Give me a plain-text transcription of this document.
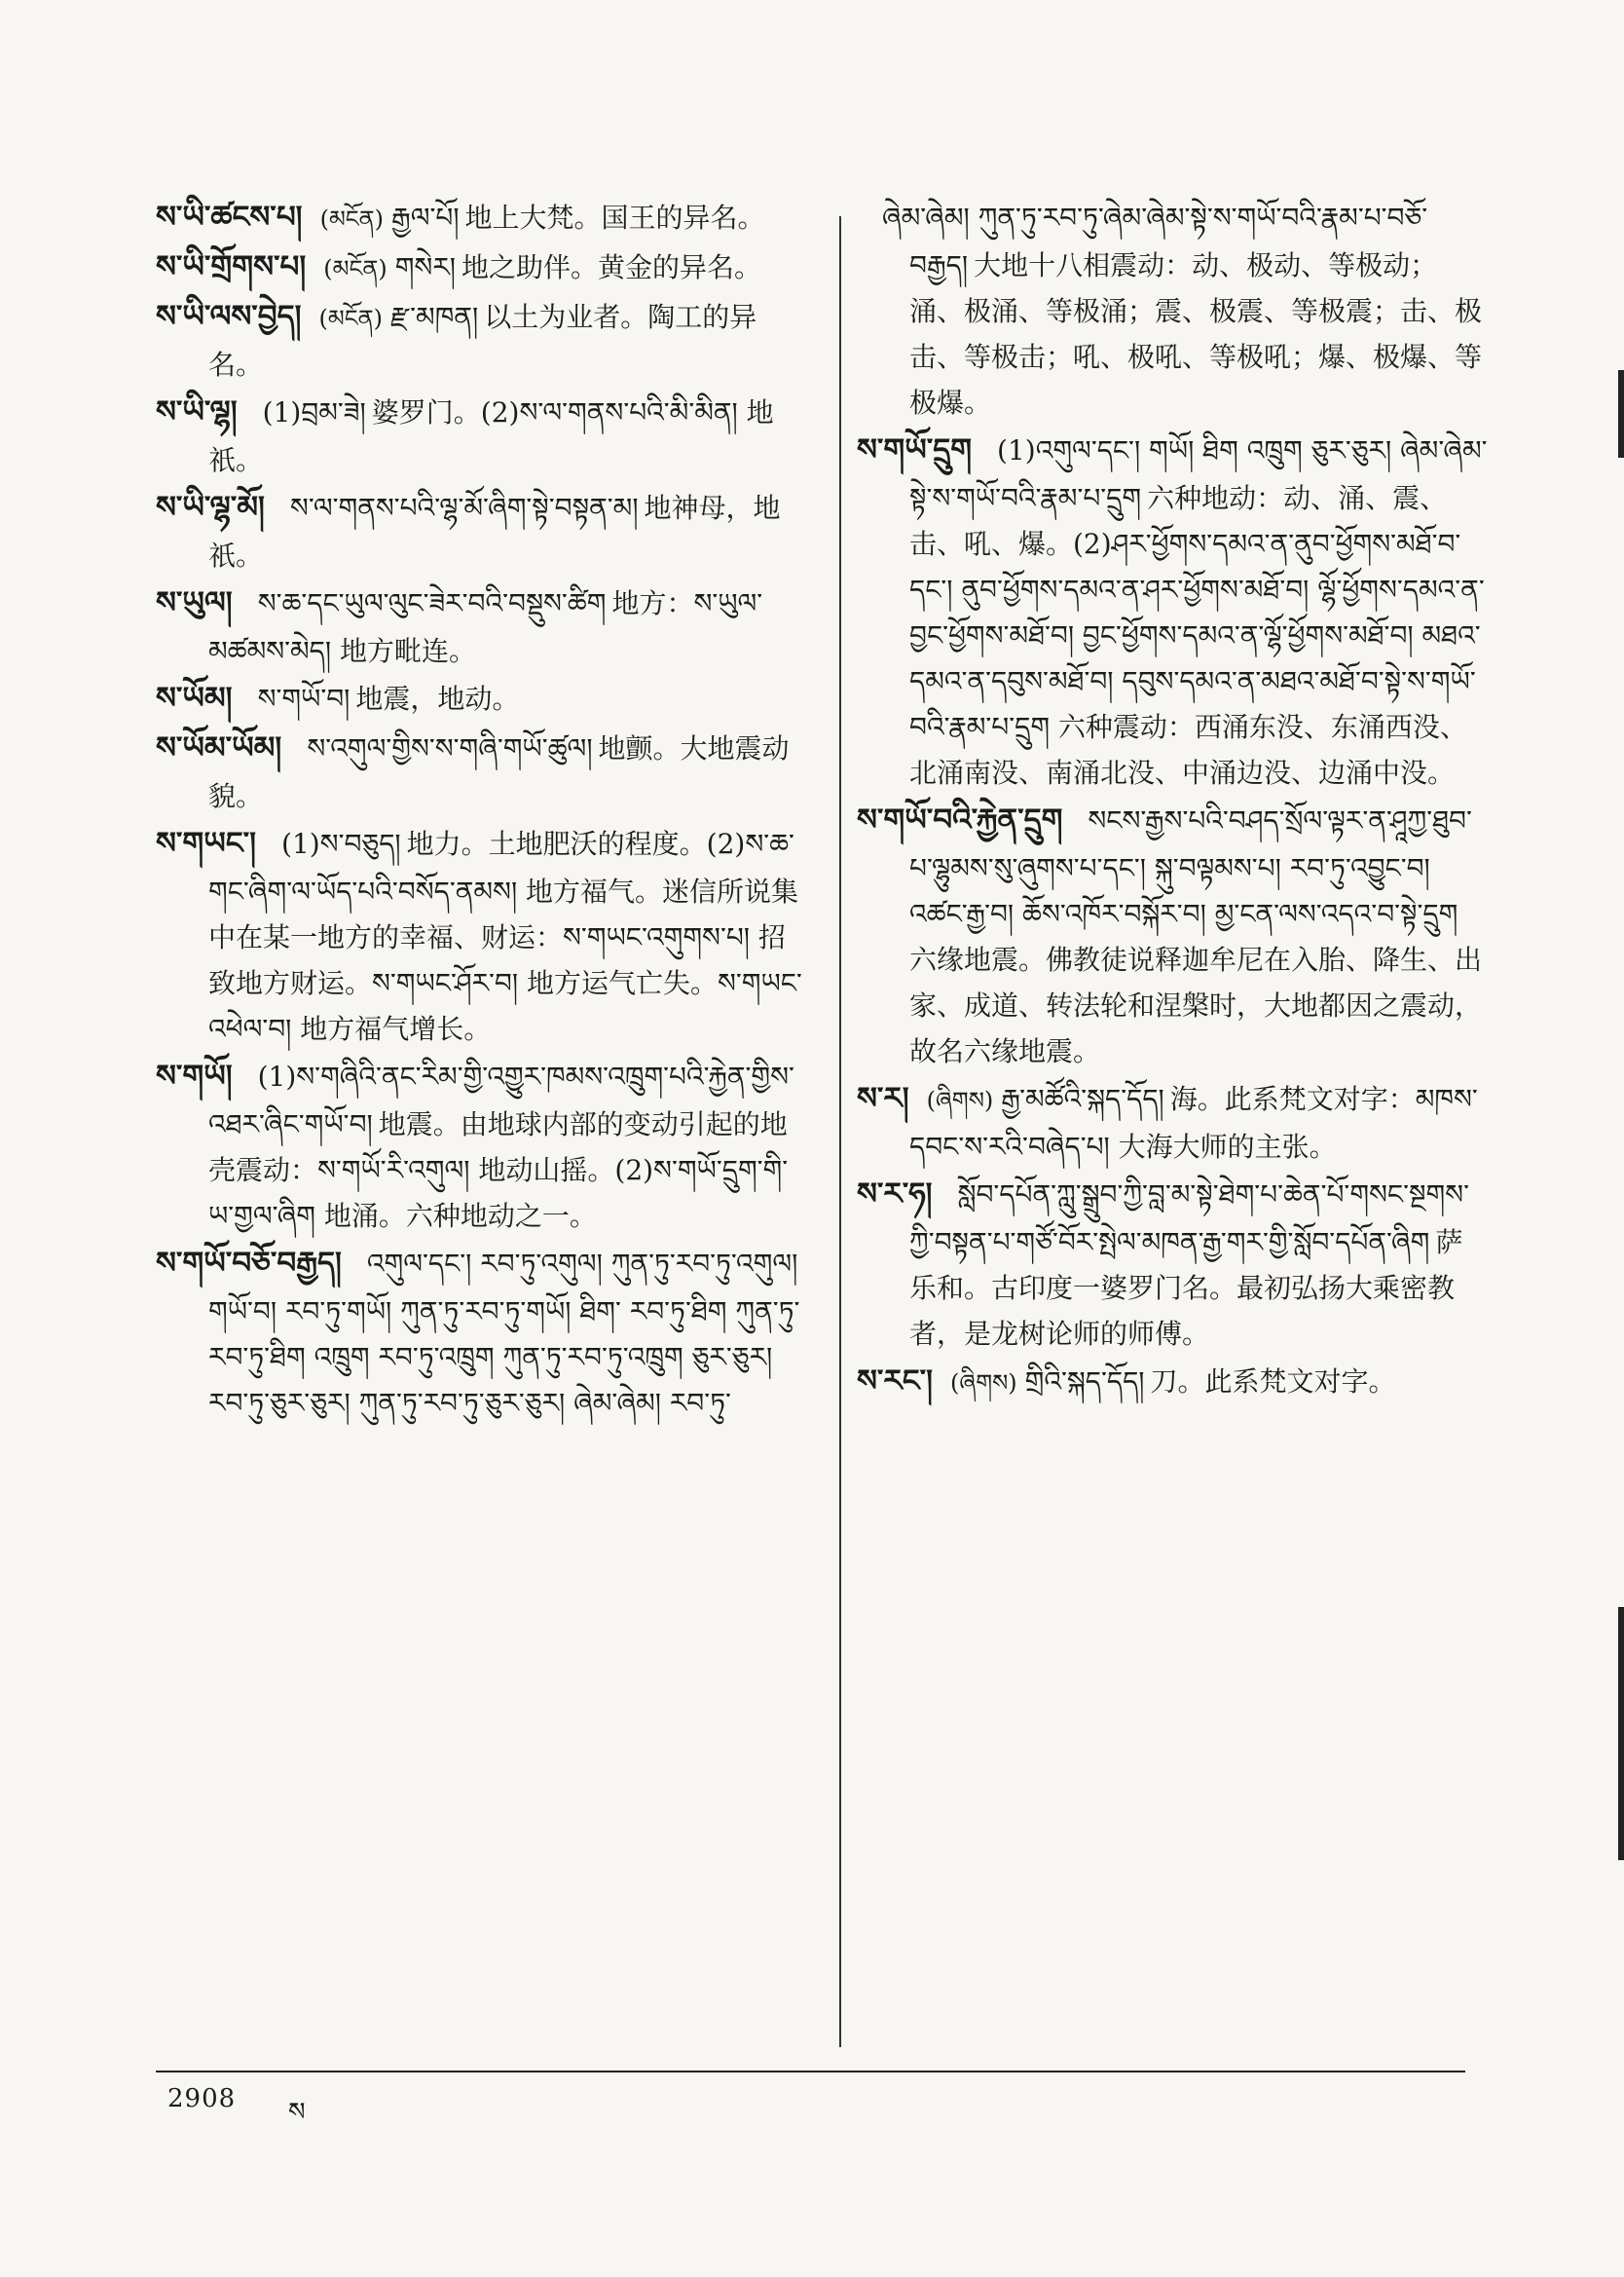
ས་ཡི་ཚངས་པ། (མངོན) རྒྱལ་པོ། 地上大梵。国王的异名。
ས་ཡི་གྲོགས་པ། (མངོན) གསེར། 地之助伴。黄金的异名。
ས་ཡི་ལས་བྱེད། (མངོན) རྫ་མཁན། 以土为业者。陶工的异名。
ས་ཡི་ལྷ། (1)བྲམ་ཟེ། 婆罗门。(2)ས་ལ་གནས་པའི་མི་མིན། 地祇。
ས་ཡི་ལྷ་མོ། ས་ལ་གནས་པའི་ལྷ་མོ་ཞིག་སྟེ་བསྟན་མ། 地神母，地祇。
ས་ཡུལ། ས་ཆ་དང་ཡུལ་ལུང་ཟེར་བའི་བསྡུས་ཚིག 地方：ས་ཡུལ་མཚམས་མེད། 地方毗连。
ས་ཡོམ། ས་གཡོ་བ། 地震，地动。
ས་ཡོམ་ཡོམ། ས་འགུལ་གྱིས་ས་གཞི་གཡོ་ཚུལ། 地颤。大地震动貌。
ས་གཡང་། (1)ས་བཅུད། 地力。土地肥沃的程度。(2)ས་ཆ་གང་ཞིག་ལ་ཡོད་པའི་བསོད་ནམས། 地方福气。迷信所说集中在某一地方的幸福、财运：ས་གཡང་འགུགས་པ། 招致地方财运。ས་གཡང་ཤོར་བ། 地方运气亡失。ས་གཡང་འཕེལ་བ། 地方福气增长。
ས་གཡོ། (1)ས་གཞིའི་ནང་རིམ་གྱི་འགྱུར་ཁམས་འཁྲུག་པའི་རྐྱེན་གྱིས་འཐར་ཞིང་གཡོ་བ། 地震。由地球内部的变动引起的地壳震动：ས་གཡོ་རི་འགུལ། 地动山摇。(2)ས་གཡོ་དྲུག་གི་ཡ་གྱལ་ཞིག 地涌。六种地动之一。
ས་གཡོ་བཅོ་བརྒྱད། འགུལ་དང་། རབ་ཏུ་འགུལ། ཀུན་ཏུ་རབ་ཏུ་འགུལ། གཡོ་བ། རབ་ཏུ་གཡོ། ཀུན་ཏུ་རབ་ཏུ་གཡོ། ཐིག་ རབ་ཏུ་ཐིག ཀུན་ཏུ་རབ་ཏུ་ཐིག འཁྲུག རབ་ཏུ་འཁྲུག ཀུན་ཏུ་རབ་ཏུ་འཁྲུག ཅུར་ཅུར། རབ་ཏུ་ཅུར་ཅུར། ཀུན་ཏུ་རབ་ཏུ་ཅུར་ཅུར། ཞེམ་ཞེམ། རབ་ཏུ་
ཞེམ་ཞེམ། ཀུན་ཏུ་རབ་ཏུ་ཞེམ་ཞེམ་སྟེ་ས་གཡོ་བའི་རྣམ་པ་བཅོ་བརྒྱད། 大地十八相震动：动、极动、等极动；涌、极涌、等极涌；震、极震、等极震；击、极击、等极击；吼、极吼、等极吼；爆、极爆、等极爆。
ས་གཡོ་དྲུག (1)འགུལ་དང་། གཡོ། ཐིག འཁྲུག ཅུར་ཅུར། ཞེམ་ཞེམ་སྟེ་ས་གཡོ་བའི་རྣམ་པ་དྲུག 六种地动：动、涌、震、击、吼、爆。(2)ཤར་ཕྱོགས་དམའ་ན་ནུབ་ཕྱོགས་མཐོ་བ་དང་། ནུབ་ཕྱོགས་དམའ་ན་ཤར་ཕྱོགས་མཐོ་བ། ལྷོ་ཕྱོགས་དམའ་ན་བྱང་ཕྱོགས་མཐོ་བ། བྱང་ཕྱོགས་དམའ་ན་ལྷོ་ཕྱོགས་མཐོ་བ། མཐའ་དམའ་ན་དབུས་མཐོ་བ། དབུས་དམའ་ན་མཐའ་མཐོ་བ་སྟེ་ས་གཡོ་བའི་རྣམ་པ་དྲུག 六种震动：西涌东没、东涌西没、北涌南没、南涌北没、中涌边没、边涌中没。
ས་གཡོ་བའི་རྐྱེན་དྲུག སངས་རྒྱས་པའི་བཤད་སྲོལ་ལྟར་ན་ཤཱཀྱ་ཐུབ་པ་ལྷུམས་སུ་ཞུགས་པ་དང་། སྐུ་བལྟམས་པ། རབ་ཏུ་འབྱུང་བ། འཚང་རྒྱ་བ། ཆོས་འཁོར་བསྐོར་བ། མྱ་ངན་ལས་འདའ་བ་སྟེ་དྲུག六缘地震。佛教徒说释迦牟尼在入胎、降生、出家、成道、转法轮和涅槃时，大地都因之震动，故名六缘地震。
ས་ར། (ཞིགས) རྒྱ་མཚོའི་སྐད་དོད། 海。此系梵文对字：མཁས་དབང་ས་རའི་བཞེད་པ། 大海大师的主张。
ས་ར་ཧ། སློབ་དཔོན་ཀླུ་སྒྲུབ་ཀྱི་བླ་མ་སྟེ་ཐེག་པ་ཆེན་པོ་གསང་སྔགས་ཀྱི་བསྟན་པ་གཙོ་བོར་སྤེལ་མཁན་རྒྱ་གར་གྱི་སློབ་དཔོན་ཞིག 萨乐和。古印度一婆罗门名。最初弘扬大乘密教者，是龙树论师的师傅。
ས་རང་། (ཞིགས) གྲིའི་སྐད་དོད། 刀。此系梵文对字。
2908 ས
